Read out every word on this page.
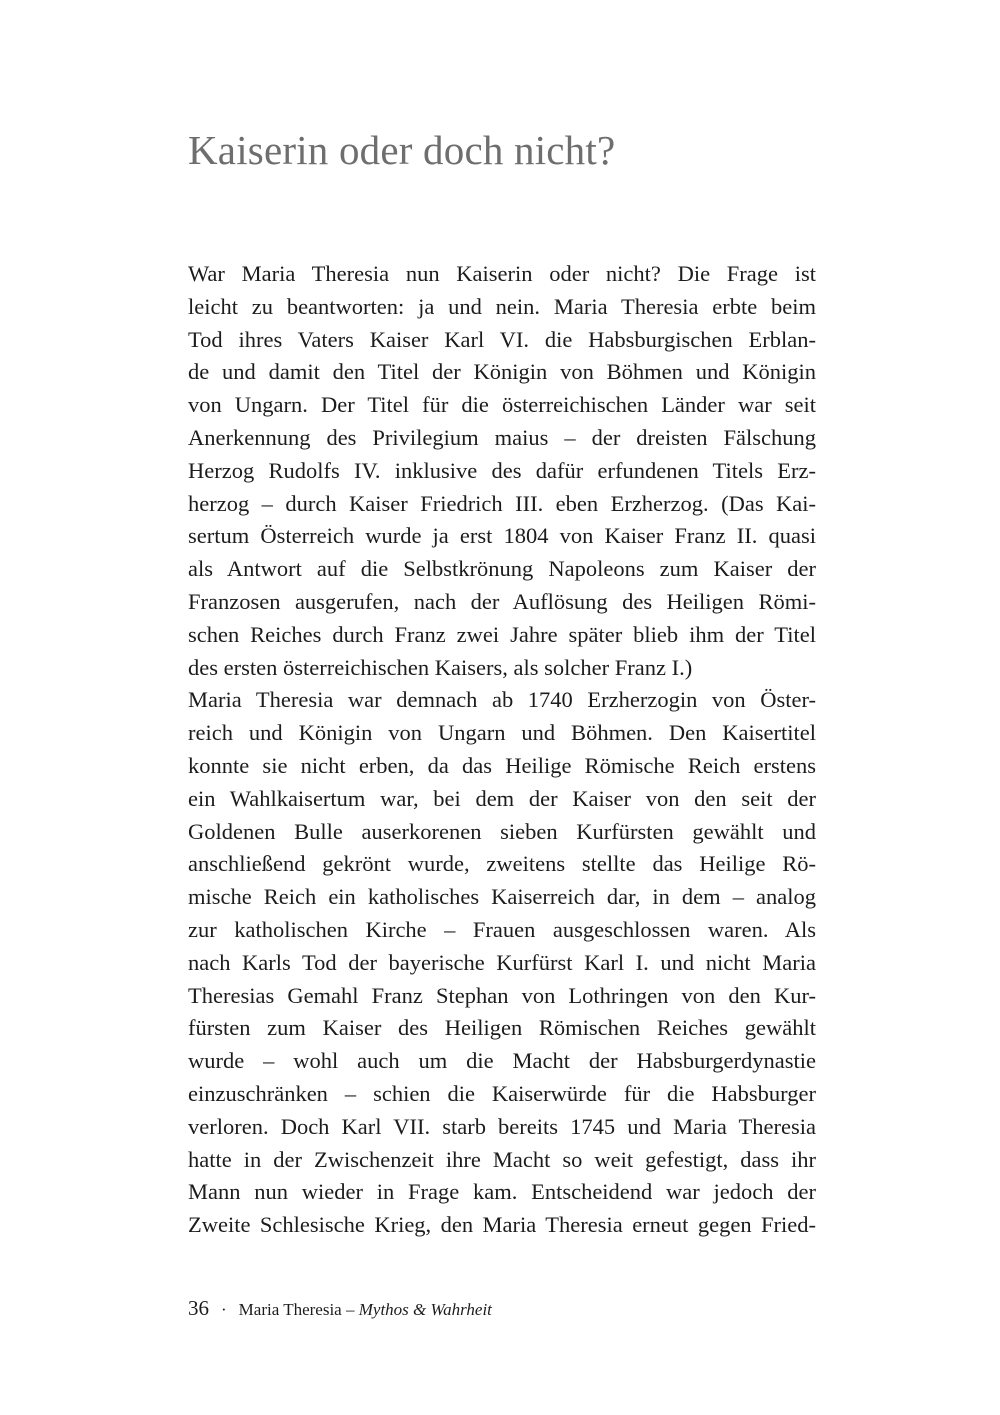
Kaiserin oder doch nicht?
War Maria Theresia nun Kaiserin oder nicht? Die Frage ist
leicht zu beantworten: ja und nein. Maria Theresia erbte beim
Tod ihres Vaters Kaiser Karl VI. die Habsburgischen Erblan-
de und damit den Titel der Königin von Böhmen und Königin
von Ungarn. Der Titel für die österreichischen Länder war seit
Anerkennung des Privilegium maius – der dreisten Fälschung
Herzog Rudolfs IV. inklusive des dafür erfundenen Titels Erz-
herzog – durch Kaiser Friedrich III. eben Erzherzog. (Das Kai-
sertum Österreich wurde ja erst 1804 von Kaiser Franz II. quasi
als Antwort auf die Selbstkrönung Napoleons zum Kaiser der
Franzosen ausgerufen, nach der Auflösung des Heiligen Römi-
schen Reiches durch Franz zwei Jahre später blieb ihm der Titel
des ersten österreichischen Kaisers, als solcher Franz I.)
Maria Theresia war demnach ab 1740 Erzherzogin von Öster-
reich und Königin von Ungarn und Böhmen. Den Kaisertitel
konnte sie nicht erben, da das Heilige Römische Reich erstens
ein Wahlkaisertum war, bei dem der Kaiser von den seit der
Goldenen Bulle auserkorenen sieben Kurfürsten gewählt und
anschließend gekrönt wurde, zweitens stellte das Heilige Rö-
mische Reich ein katholisches Kaiserreich dar, in dem – analog
zur katholischen Kirche – Frauen ausgeschlossen waren. Als
nach Karls Tod der bayerische Kurfürst Karl I. und nicht Maria
Theresias Gemahl Franz Stephan von Lothringen von den Kur-
fürsten zum Kaiser des Heiligen Römischen Reiches gewählt
wurde – wohl auch um die Macht der Habsburgerdynastie
einzuschränken – schien die Kaiserwürde für die Habsburger
verloren. Doch Karl VII. starb bereits 1745 und Maria Theresia
hatte in der Zwischenzeit ihre Macht so weit gefestigt, dass ihr
Mann nun wieder in Frage kam. Entscheidend war jedoch der
Zweite Schlesische Krieg, den Maria Theresia erneut gegen Fried-
36 · Maria Theresia – Mythos & Wahrheit
